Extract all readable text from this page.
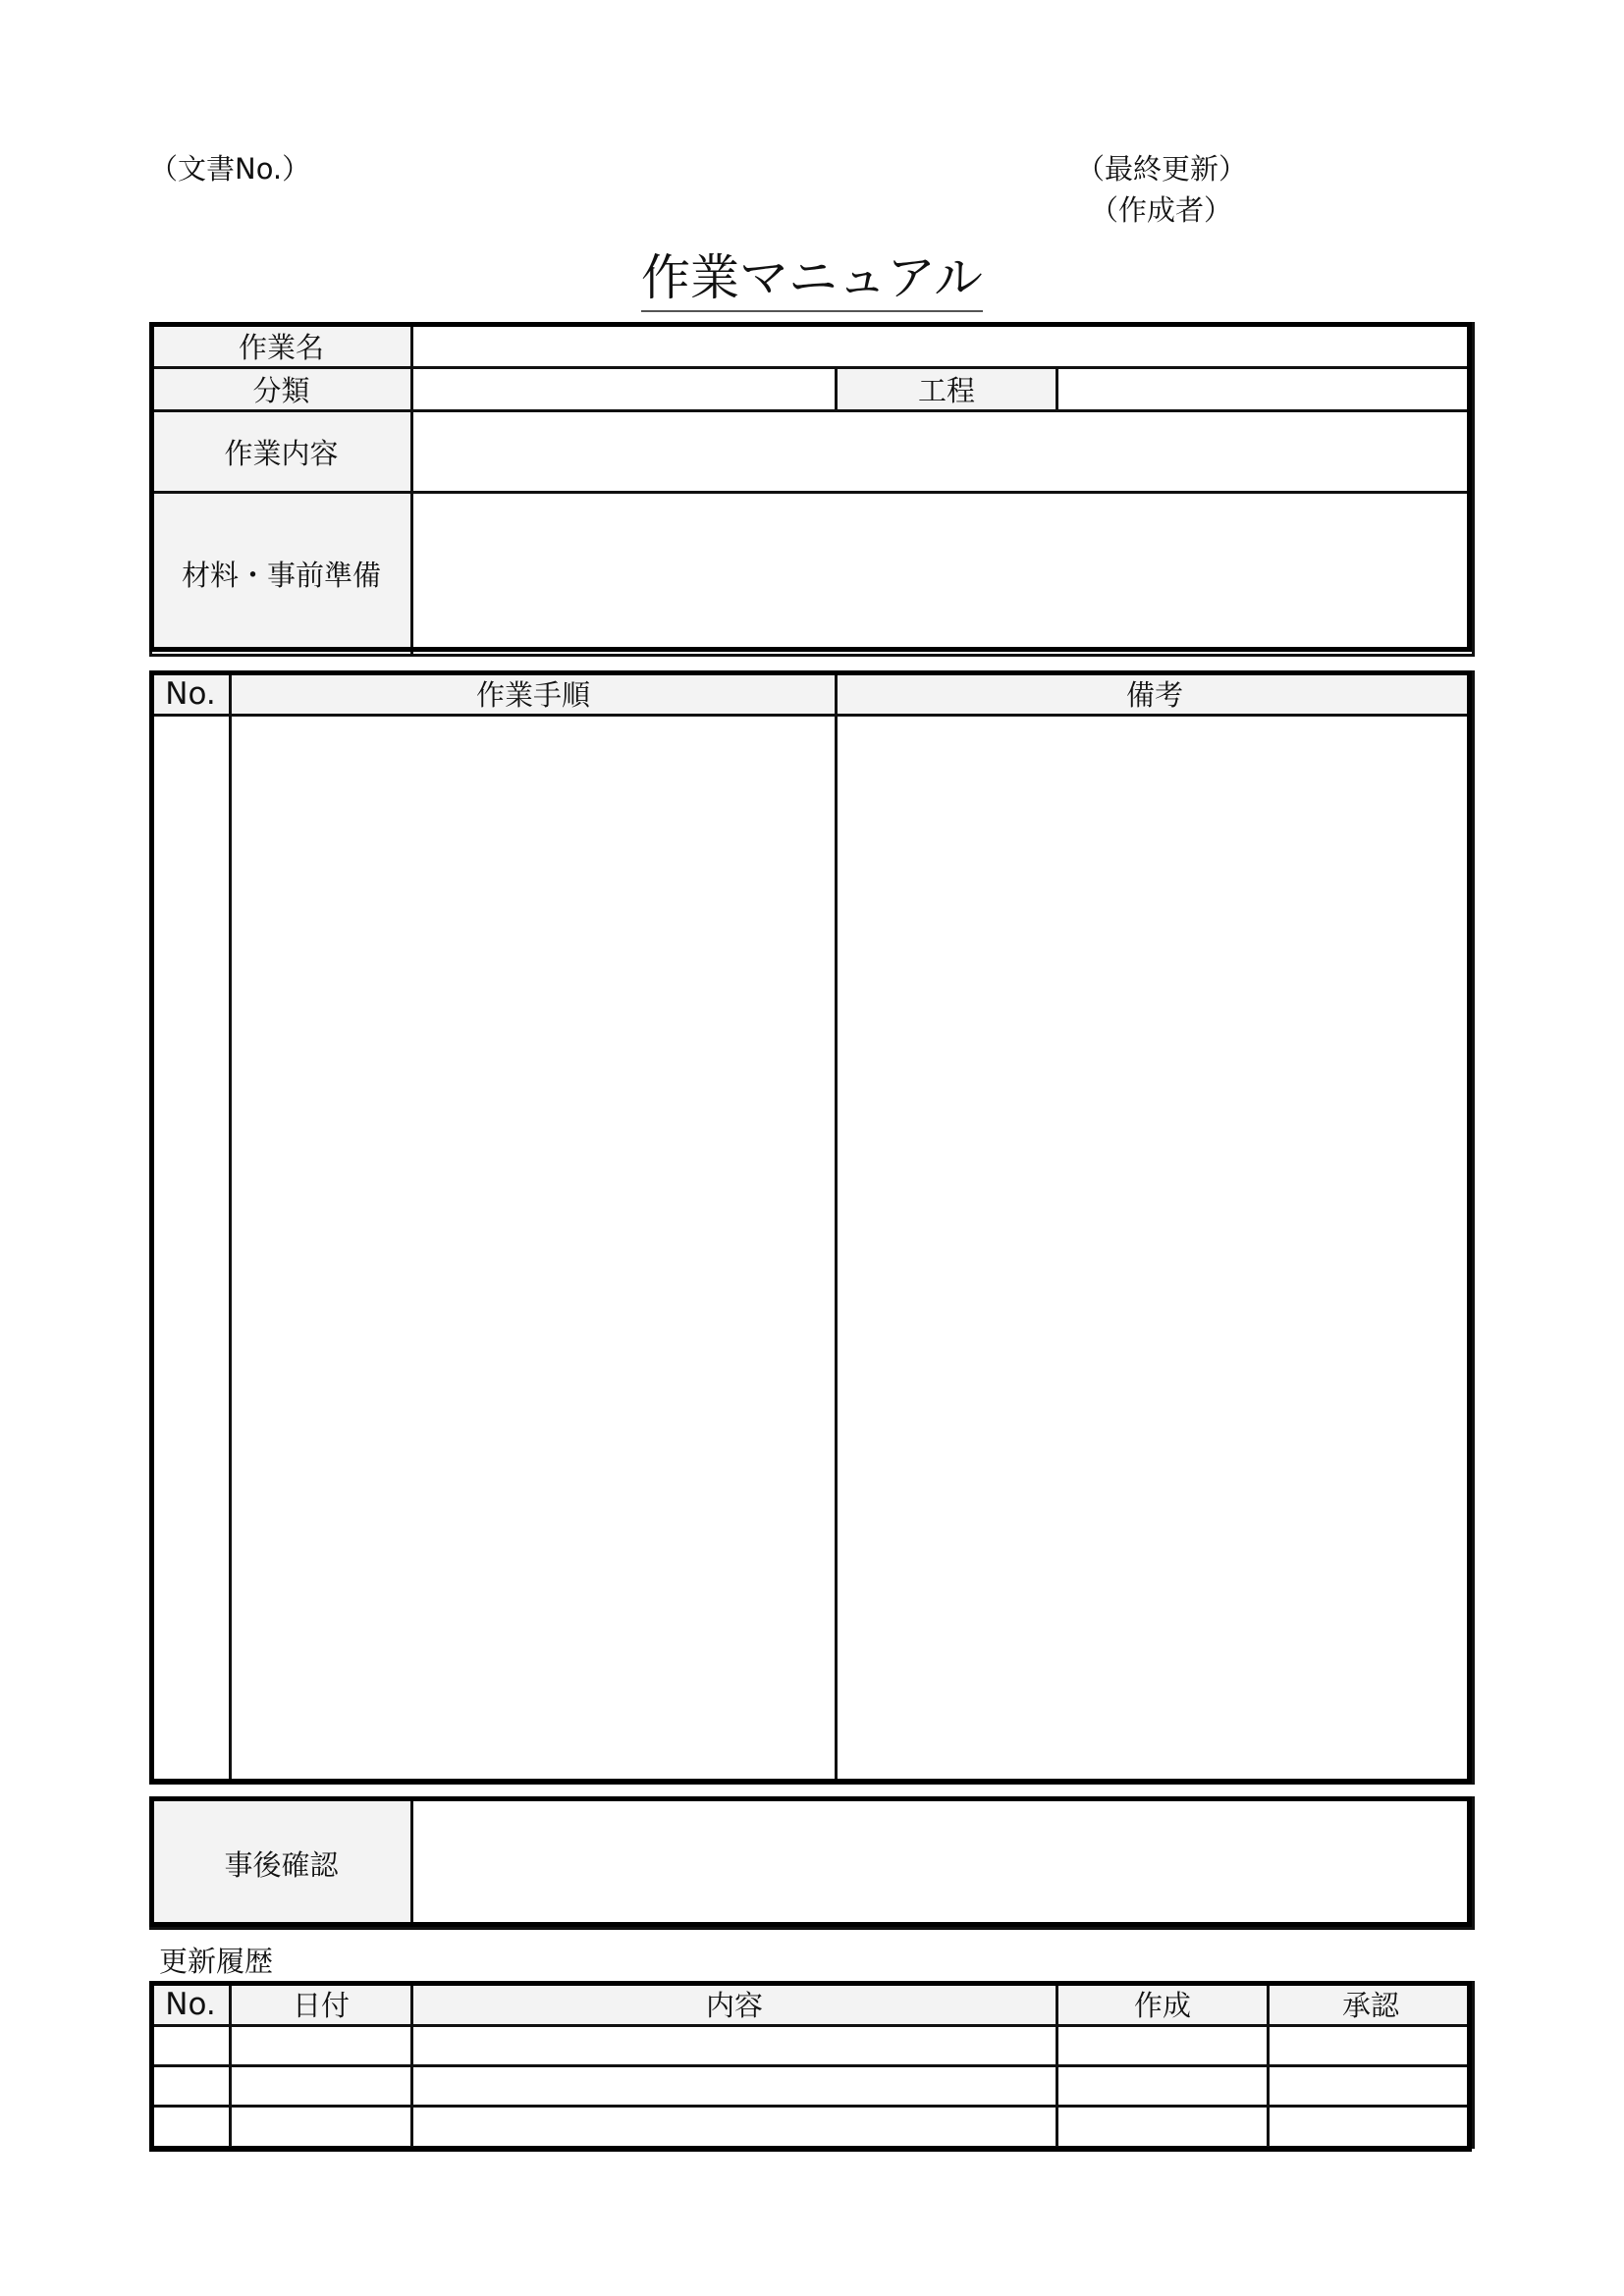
（文書No.）	（最終更新）
（作成者）
作業マニュアル
作業名			
分類		工程	
作業内容			
材料・事前準備			
No.	作業手順	備考

事後確認	
更新履歴
No.	日付	内容	作成	承認
